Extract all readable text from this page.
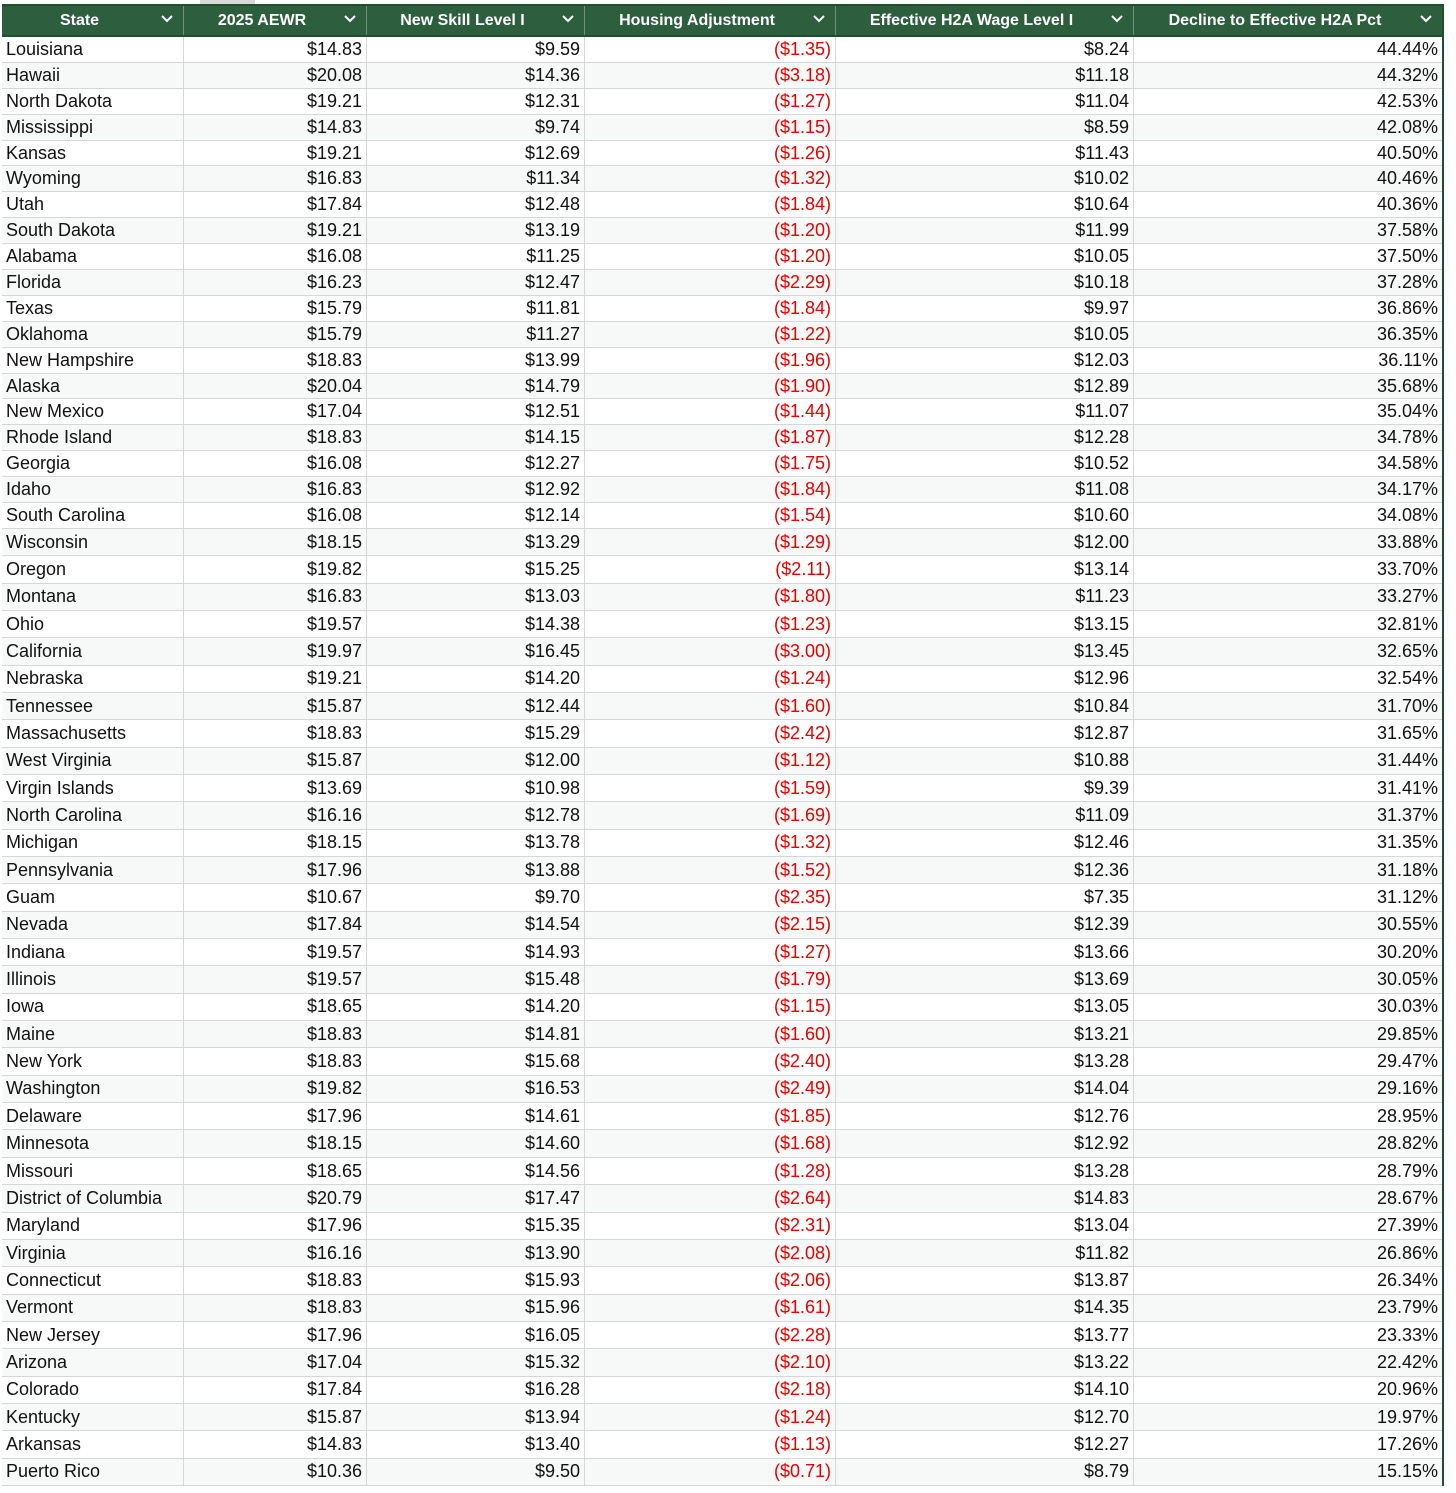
State	2025 AEWR	New Skill Level I	Housing Adjustment	Effective H2A Wage Level I	Decline to Effective H2A Pct
Louisiana	$14.83	$9.59	($1.35)	$8.24	44.44%
Hawaii	$20.08	$14.36	($3.18)	$11.18	44.32%
North Dakota	$19.21	$12.31	($1.27)	$11.04	42.53%
Mississippi	$14.83	$9.74	($1.15)	$8.59	42.08%
Kansas	$19.21	$12.69	($1.26)	$11.43	40.50%
Wyoming	$16.83	$11.34	($1.32)	$10.02	40.46%
Utah	$17.84	$12.48	($1.84)	$10.64	40.36%
South Dakota	$19.21	$13.19	($1.20)	$11.99	37.58%
Alabama	$16.08	$11.25	($1.20)	$10.05	37.50%
Florida	$16.23	$12.47	($2.29)	$10.18	37.28%
Texas	$15.79	$11.81	($1.84)	$9.97	36.86%
Oklahoma	$15.79	$11.27	($1.22)	$10.05	36.35%
New Hampshire	$18.83	$13.99	($1.96)	$12.03	36.11%
Alaska	$20.04	$14.79	($1.90)	$12.89	35.68%
New Mexico	$17.04	$12.51	($1.44)	$11.07	35.04%
Rhode Island	$18.83	$14.15	($1.87)	$12.28	34.78%
Georgia	$16.08	$12.27	($1.75)	$10.52	34.58%
Idaho	$16.83	$12.92	($1.84)	$11.08	34.17%
South Carolina	$16.08	$12.14	($1.54)	$10.60	34.08%
Wisconsin	$18.15	$13.29	($1.29)	$12.00	33.88%
Oregon	$19.82	$15.25	($2.11)	$13.14	33.70%
Montana	$16.83	$13.03	($1.80)	$11.23	33.27%
Ohio	$19.57	$14.38	($1.23)	$13.15	32.81%
California	$19.97	$16.45	($3.00)	$13.45	32.65%
Nebraska	$19.21	$14.20	($1.24)	$12.96	32.54%
Tennessee	$15.87	$12.44	($1.60)	$10.84	31.70%
Massachusetts	$18.83	$15.29	($2.42)	$12.87	31.65%
West Virginia	$15.87	$12.00	($1.12)	$10.88	31.44%
Virgin Islands	$13.69	$10.98	($1.59)	$9.39	31.41%
North Carolina	$16.16	$12.78	($1.69)	$11.09	31.37%
Michigan	$18.15	$13.78	($1.32)	$12.46	31.35%
Pennsylvania	$17.96	$13.88	($1.52)	$12.36	31.18%
Guam	$10.67	$9.70	($2.35)	$7.35	31.12%
Nevada	$17.84	$14.54	($2.15)	$12.39	30.55%
Indiana	$19.57	$14.93	($1.27)	$13.66	30.20%
Illinois	$19.57	$15.48	($1.79)	$13.69	30.05%
Iowa	$18.65	$14.20	($1.15)	$13.05	30.03%
Maine	$18.83	$14.81	($1.60)	$13.21	29.85%
New York	$18.83	$15.68	($2.40)	$13.28	29.47%
Washington	$19.82	$16.53	($2.49)	$14.04	29.16%
Delaware	$17.96	$14.61	($1.85)	$12.76	28.95%
Minnesota	$18.15	$14.60	($1.68)	$12.92	28.82%
Missouri	$18.65	$14.56	($1.28)	$13.28	28.79%
District of Columbia	$20.79	$17.47	($2.64)	$14.83	28.67%
Maryland	$17.96	$15.35	($2.31)	$13.04	27.39%
Virginia	$16.16	$13.90	($2.08)	$11.82	26.86%
Connecticut	$18.83	$15.93	($2.06)	$13.87	26.34%
Vermont	$18.83	$15.96	($1.61)	$14.35	23.79%
New Jersey	$17.96	$16.05	($2.28)	$13.77	23.33%
Arizona	$17.04	$15.32	($2.10)	$13.22	22.42%
Colorado	$17.84	$16.28	($2.18)	$14.10	20.96%
Kentucky	$15.87	$13.94	($1.24)	$12.70	19.97%
Arkansas	$14.83	$13.40	($1.13)	$12.27	17.26%
Puerto Rico	$10.36	$9.50	($0.71)	$8.79	15.15%
